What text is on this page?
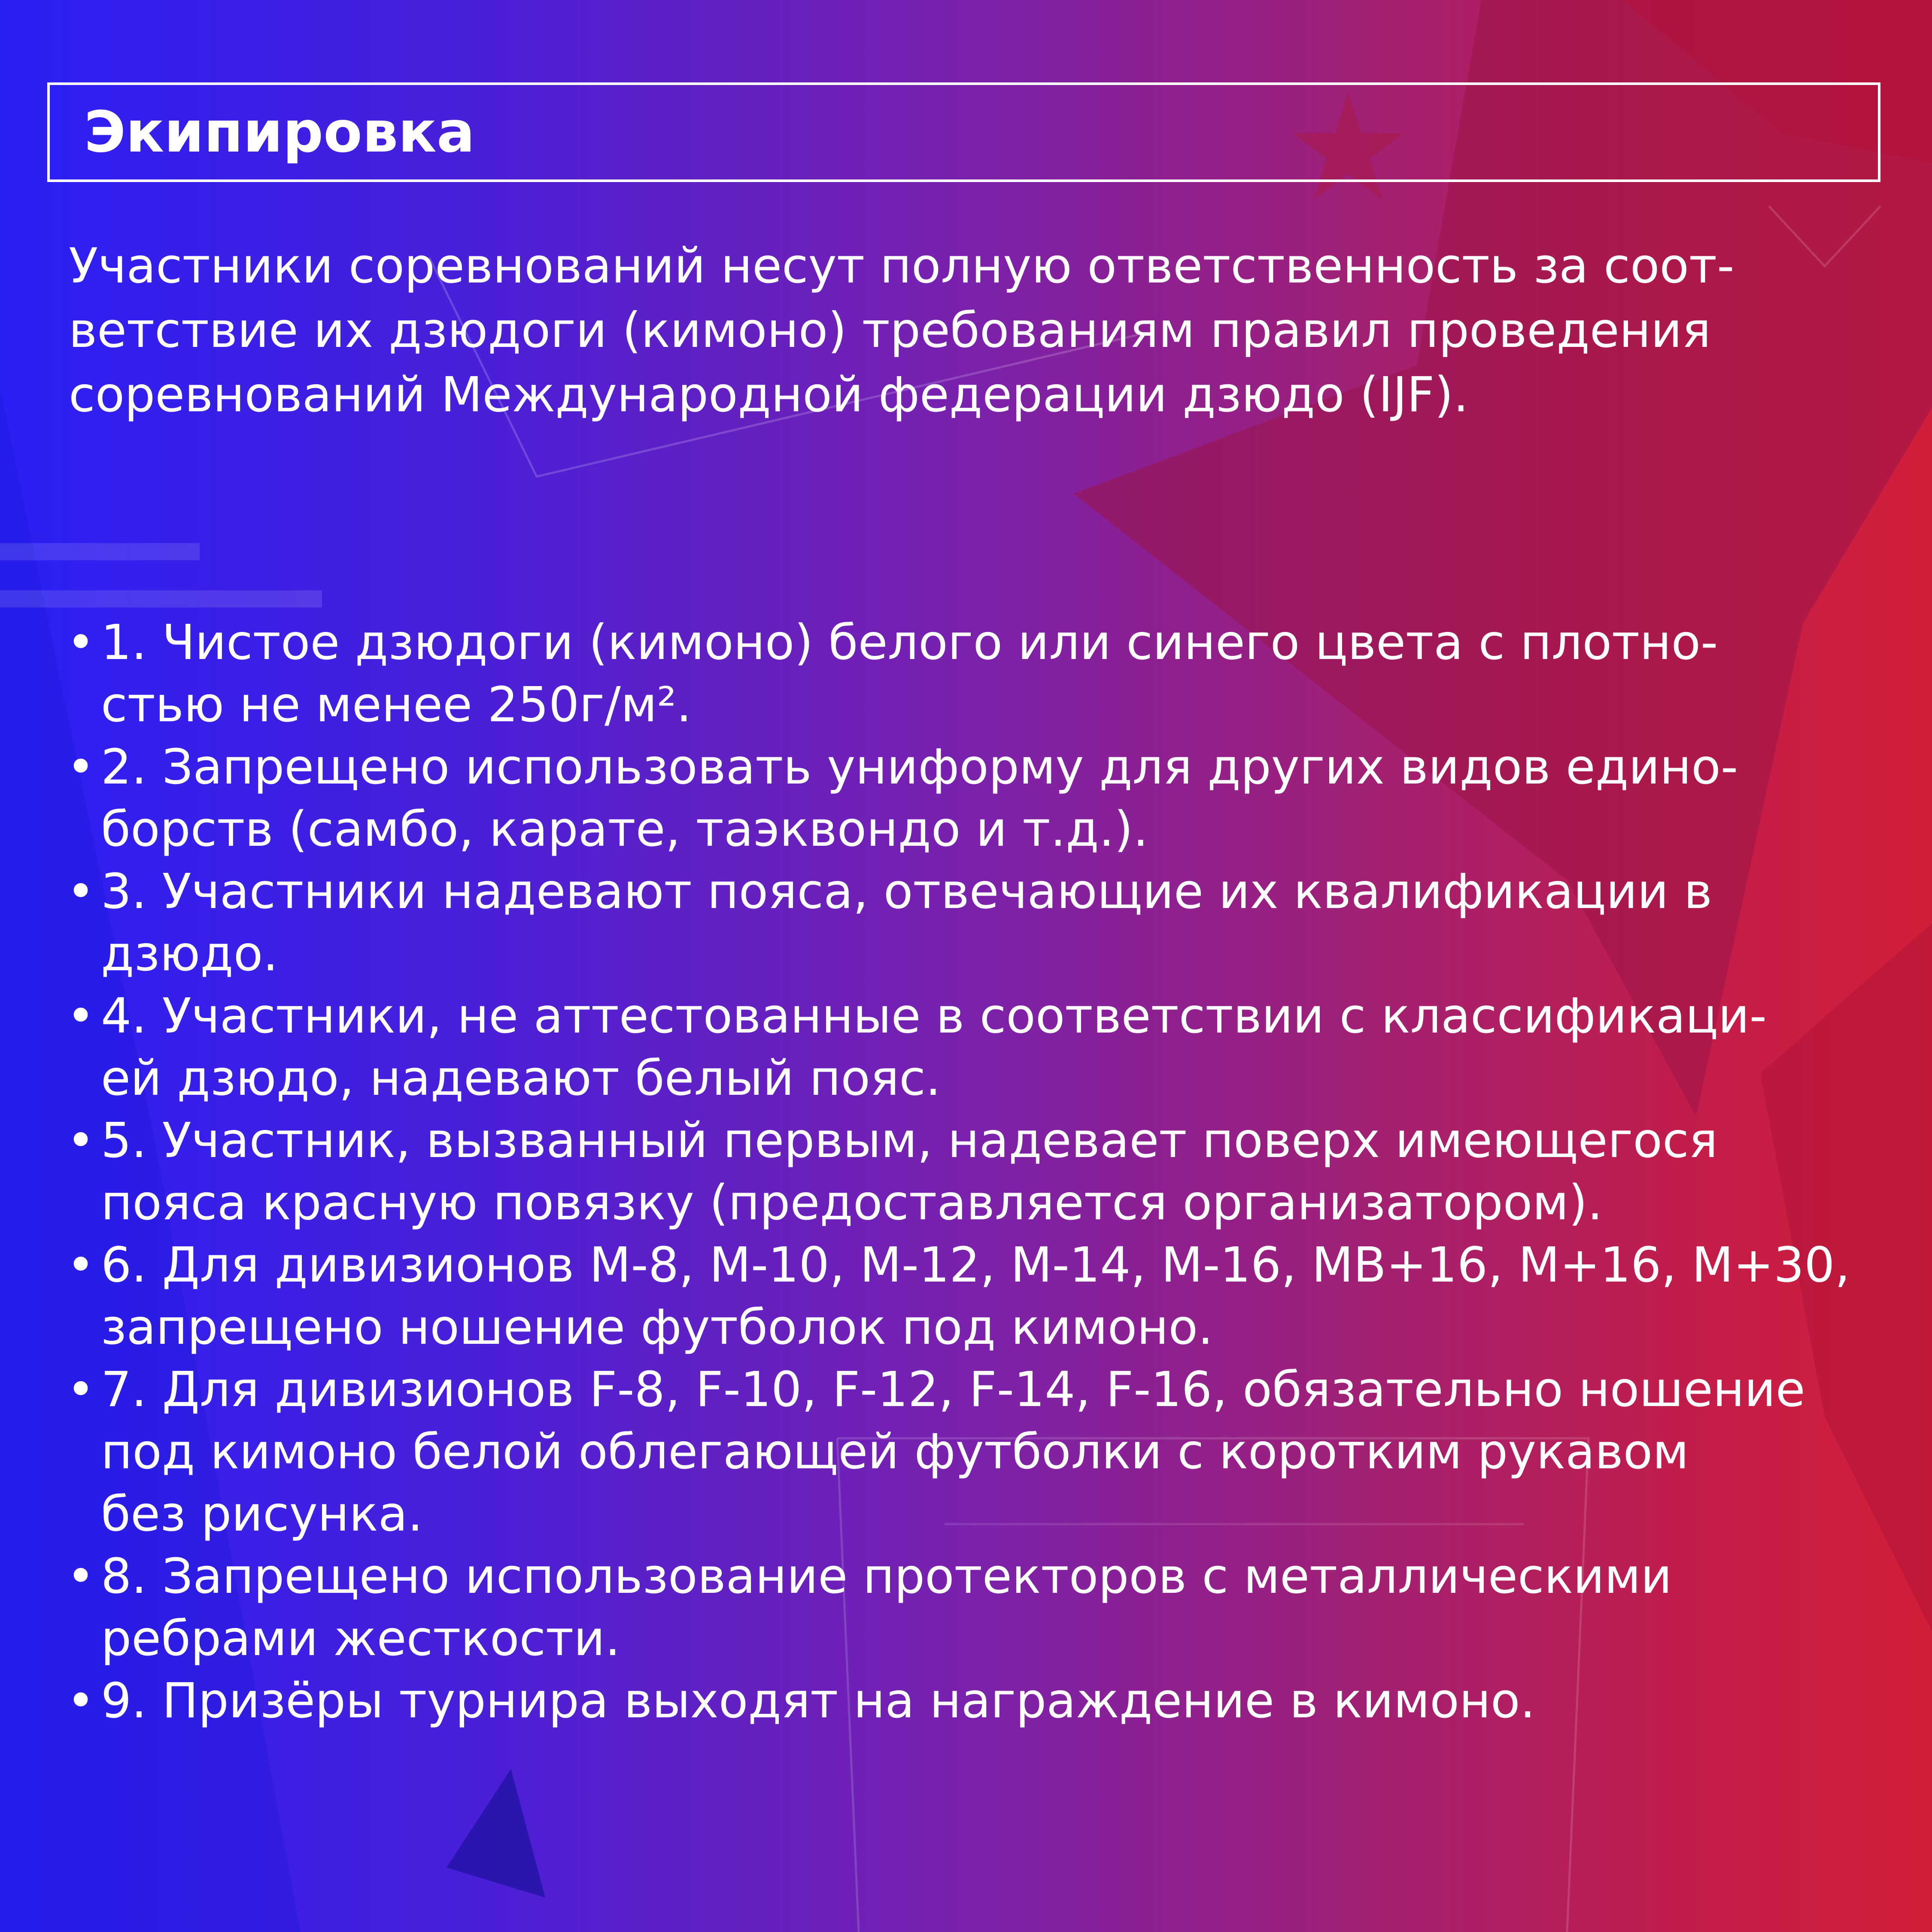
Экипировка

Участники соревнований несут полную ответственность за соот-
ветствие их дзюдоги (кимоно) требованиям правил проведения
соревнований Международной федерации дзюдо (IJF).

• 1. Чистое дзюдоги (кимоно) белого или синего цвета с плотно-
стью не менее 250г/м².
• 2. Запрещено использовать униформу для других видов едино-
борств (самбо, карате, таэквондо и т.д.).
• 3. Участники надевают пояса, отвечающие их квалификации в
дзюдо.
• 4. Участники, не аттестованные в соответствии с классификаци-
ей дзюдо, надевают белый пояс.
• 5. Участник, вызванный первым, надевает поверх имеющегося
пояса красную повязку (предоставляется организатором).
• 6. Для дивизионов М-8, М-10, М-12, М-14, М-16, МВ+16, М+16, М+30,
запрещено ношение футболок под кимоно.
• 7. Для дивизионов F-8, F-10, F-12, F-14, F-16, обязательно ношение
под кимоно белой облегающей футболки с коротким рукавом
без рисунка.
• 8. Запрещено использование протекторов с металлическими
ребрами жесткости.
• 9. Призёры турнира выходят на награждение в кимоно.
